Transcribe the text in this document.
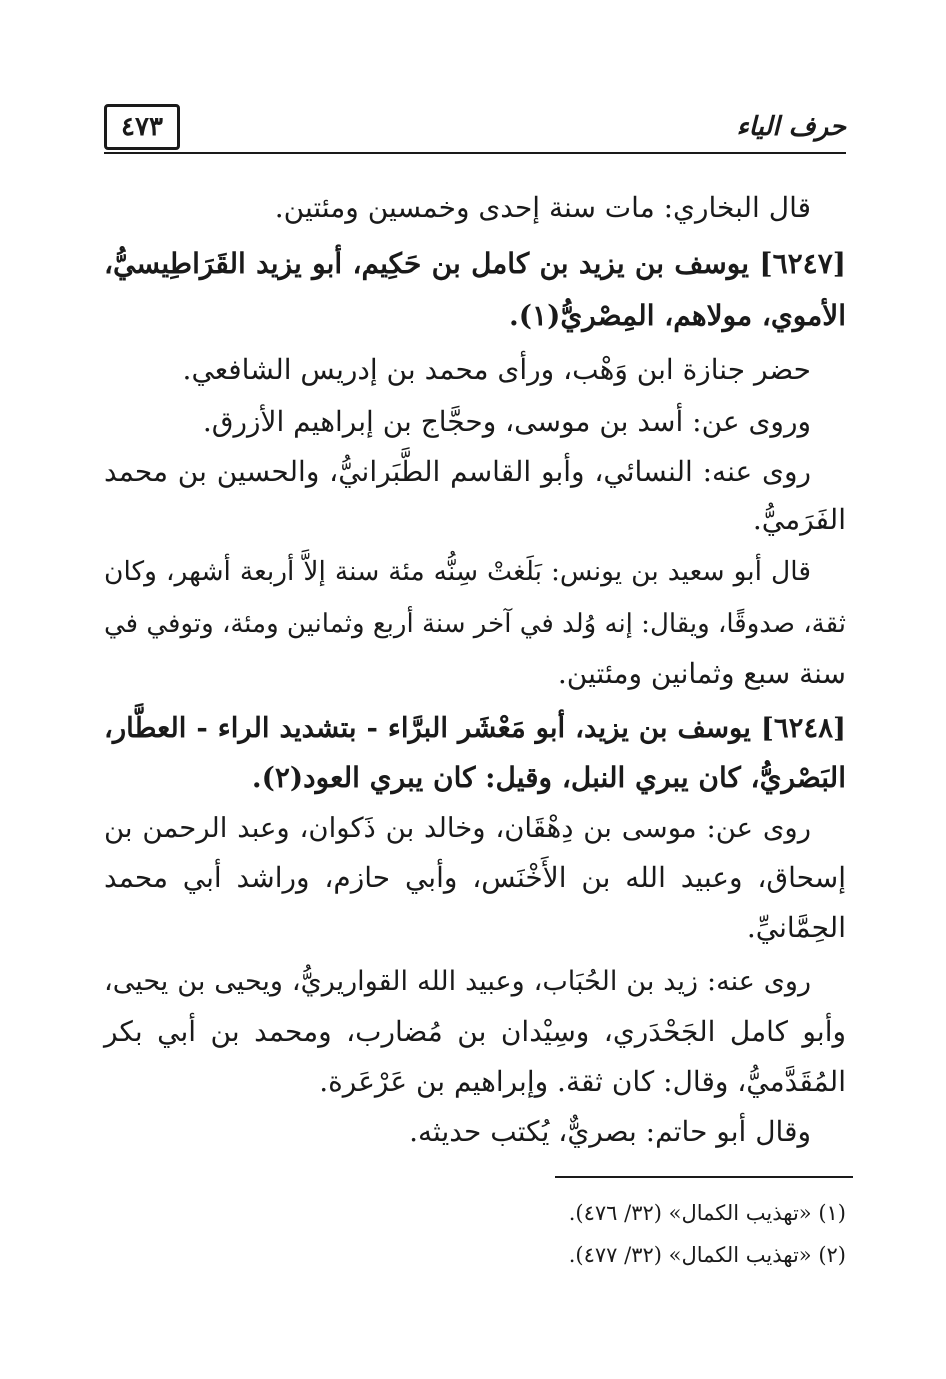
حرف الياء
٤٧٣
قال البخاري: مات سنة إحدى وخمسين ومئتين.
[٦٢٤٧] يوسف بن يزيد بن كامل بن حَكِيم، أبو يزيد القَرَاطِيسيُّ،
الأموي، مولاهم، المِصْريُّ(١).
حضر جنازة ابن وَهْب، ورأى محمد بن إدريس الشافعي.
وروى عن: أسد بن موسى، وحجَّاج بن إبراهيم الأزرق.
روى عنه: النسائي، وأبو القاسم الطَّبَرانيُّ، والحسين بن محمد
الفَرَميُّ.
قال أبو سعيد بن يونس: بَلَغتْ سِنُّه مئة سنة إلاَّ أربعة أشهر، وكان
ثقة، صدوقًا، ويقال: إنه وُلد في آخر سنة أربع وثمانين ومئة، وتوفي في
سنة سبع وثمانين ومئتين.
[٦٢٤٨] يوسف بن يزيد، أبو مَعْشَر البرَّاء - بتشديد الراء - العطَّار،
البَصْريُّ، كان يبري النبل، وقيل: كان يبري العود(٢).
روى عن: موسى بن دِهْقَان، وخالد بن ذَكوان، وعبد الرحمن بن
إسحاق، وعبيد الله بن الأَخْنَس، وأبي حازم، وراشد أبي محمد
الحِمَّانيِّ.
روى عنه: زيد بن الحُبَاب، وعبيد الله القواريريُّ، ويحيى بن يحيى،
وأبو كامل الجَحْدَري، وسِيْدان بن مُضارب، ومحمد بن أبي بكر
المُقَدَّميُّ، وقال: كان ثقة. وإبراهيم بن عَرْعَرة.
وقال أبو حاتم: بصريٌّ، يُكتب حديثه.
(١) «تهذيب الكمال» (٣٢/ ٤٧٦).
(٢) «تهذيب الكمال» (٣٢/ ٤٧٧).
